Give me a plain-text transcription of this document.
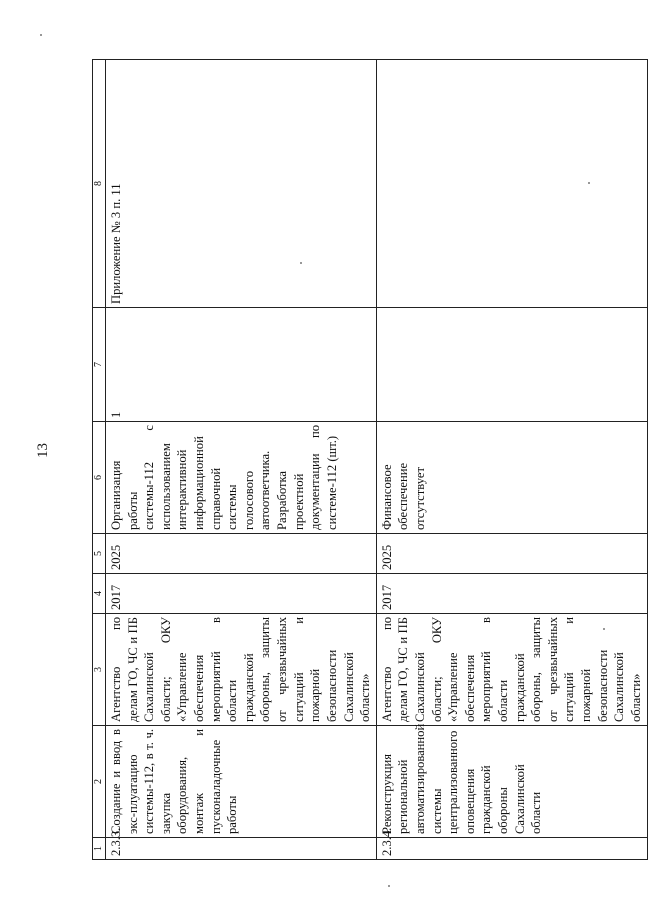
13
1	2	3	4	5	6	7	8
2.3.3.	Создание и ввод в экс-плуатацию системы-112, в т. ч. закупка оборудования, монтаж и пусконаладочные работы	Агентство по делам ГО, ЧС и ПБ Сахалинской области; ОКУ «Управление обеспечения мероприятий в области гражданской обороны, защиты от чрезвычайных ситуаций и пожарной безопасности Сахалинской области»	2017	2025	Организация работы системы-112 с использованием интерактивной информационной справочной системы голосового автоответчика. Разработка проектной документации по системе-112 (шт.)	1	Приложение № 3 п. 11
2.3.4.	Реконструкция региональной автоматизированной системы централизованного оповещения гражданской обороны Сахалинской области	Агентство по делам ГО, ЧС и ПБ Сахалинской области; ОКУ «Управление обеспечения мероприятий в области гражданской обороны, защиты от чрезвычайных ситуаций и пожарной безопасности Сахалинской области»	2017	2025	Финансовое обеспечение отсутствует		
